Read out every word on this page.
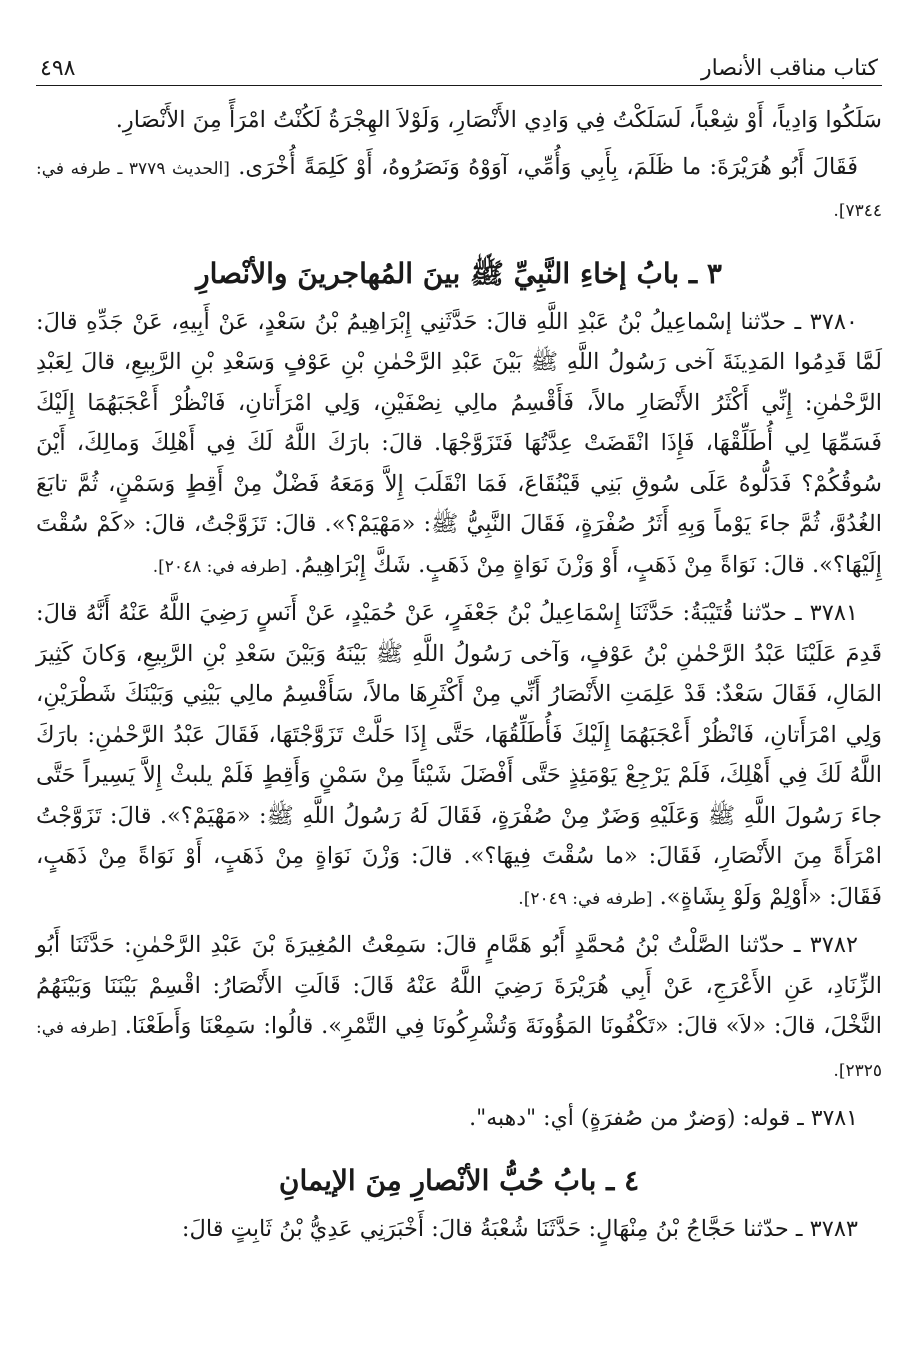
كتاب مناقب الأنصار
٤٩٨

سَلَكُوا وَادِياً، أَوْ شِعْباً، لَسَلَكْتُ فِي وَادِي الأَنْصَارِ، وَلَوْلاَ الهِجْرَةُ لَكُنْتُ امْرَأً مِنَ الأَنْصَارِ.

فَقَالَ أَبُو هُرَيْرَةَ: ما ظَلَمَ، بِأَبِي وَأُمِّي، آوَوْهُ وَنَصَرُوهُ، أَوْ كَلِمَةً أُخْرَى. [الحديث ٣٧٧٩ ـ طرفه في: ٧٣٤٤].

٣ ـ بابُ إخاءِ النَّبِيِّ ﷺ بينَ المُهاجرينَ والأنْصارِ

٣٧٨٠ ـ حدّثنا إسْماعِيلُ بْنُ عَبْدِ اللَّهِ قالَ: حَدَّثَنِي إِبْرَاهِيمُ بْنُ سَعْدٍ، عَنْ أَبِيهِ، عَنْ جَدِّهِ قالَ: لَمَّا قَدِمُوا المَدِينَةَ آخى رَسُولُ اللَّهِ ﷺ بَيْنَ عَبْدِ الرَّحْمٰنِ بْنِ عَوْفٍ وَسَعْدِ بْنِ الرَّبِيعِ، قالَ لِعَبْدِ الرَّحْمٰنِ: إِنِّي أَكْثَرُ الأَنْصَارِ مالاً، فَأَقْسِمُ مالِي نِصْفَيْنِ، وَلِي امْرَأَتانِ، فَانْظُرْ أَعْجَبَهُمَا إِلَيْكَ فَسَمِّهَا لِي أُطَلِّقْهَا، فَإِذَا انْقَضَتْ عِدَّتُهَا فَتَزَوَّجْهَا. قالَ: بارَكَ اللَّهُ لَكَ فِي أَهْلِكَ وَمالِكَ، أَيْنَ سُوقُكُمْ؟ فَدَلُّوهُ عَلَى سُوقِ بَنِي قَيْنُقَاعَ، فَمَا انْقَلَبَ إِلاَّ وَمَعَهُ فَضْلٌ مِنْ أَقِطٍ وَسَمْنٍ، ثُمَّ تابَعَ الغُدُوَّ، ثُمَّ جاءَ يَوْماً وَبِهِ أَثَرُ صُفْرَةٍ، فَقَالَ النَّبِيُّ ﷺ: «مَهْيَمْ؟». قالَ: تَزَوَّجْتُ، قالَ: «كَمْ سُقْتَ إِلَيْهَا؟». قالَ: نَوَاةً مِنْ ذَهَبٍ، أَوْ وَزْنَ نَوَاةٍ مِنْ ذَهَبٍ. شَكَّ إِبْرَاهِيمُ. [طرفه في: ٢٠٤٨].

٣٧٨١ ـ حدّثنا قُتَيْبَةُ: حَدَّثَنَا إِسْمَاعِيلُ بْنُ جَعْفَرٍ، عَنْ حُمَيْدٍ، عَنْ أَنَسٍ رَضِيَ اللَّهُ عَنْهُ أَنَّهُ قالَ: قَدِمَ عَلَيْنَا عَبْدُ الرَّحْمٰنِ بْنُ عَوْفٍ، وَآخى رَسُولُ اللَّهِ ﷺ بَيْنَهُ وَبَيْنَ سَعْدِ بْنِ الرَّبِيعِ، وَكانَ كَثِيرَ المَالِ، فَقَالَ سَعْدٌ: قَدْ عَلِمَتِ الأَنْصَارُ أَنِّي مِنْ أَكْثَرِهَا مالاً، سَأَقْسِمُ مالِي بَيْنِي وَبَيْنَكَ شَطْرَيْنِ، وَلِي امْرَأَتانِ، فَانْظُرْ أَعْجَبَهُمَا إِلَيْكَ فَأُطَلِّقُهَا، حَتَّى إِذَا حَلَّتْ تَزَوَّجْتَهَا، فَقَالَ عَبْدُ الرَّحْمٰنِ: بارَكَ اللَّهُ لَكَ فِي أَهْلِكَ، فَلَمْ يَرْجِعْ يَوْمَئِذٍ حَتَّى أَفْضَلَ شَيْئاً مِنْ سَمْنٍ وَأَقِطٍ فَلَمْ يلبثْ إِلاَّ يَسِيراً حَتَّى جاءَ رَسُولَ اللَّهِ ﷺ وَعَلَيْهِ وَضَرٌ مِنْ صُفْرَةٍ، فَقَالَ لَهُ رَسُولُ اللَّهِ ﷺ: «مَهْيَمْ؟». قالَ: تَزَوَّجْتُ امْرَأَةً مِنَ الأَنْصَارِ، فَقَالَ: «ما سُقْتَ فِيهَا؟». قالَ: وَزْنَ نَوَاةٍ مِنْ ذَهَبٍ، أَوْ نَوَاةً مِنْ ذَهَبٍ، فَقَالَ: «أَوْلِمْ وَلَوْ بِشَاةٍ». [طرفه في: ٢٠٤٩].

٣٧٨٢ ـ حدّثنا الصَّلْتُ بْنُ مُحمَّدٍ أَبُو هَمَّامٍ قالَ: سَمِعْتُ المُغِيرَةَ بْنَ عَبْدِ الرَّحْمٰنِ: حَدَّثَنَا أَبُو الزِّنَادِ، عَنِ الأَعْرَجِ، عَنْ أَبِي هُرَيْرَةَ رَضِيَ اللَّهُ عَنْهُ قَالَ: قَالَتِ الأَنْصَارُ: اقْسِمْ بَيْنَنَا وَبَيْنَهُمُ النَّخْلَ، قالَ: «لاَ» قالَ: «تَكْفُونَا المَؤُونَةَ وَتُشْرِكُونَا فِي التَّمْرِ». قالُوا: سَمِعْنَا وَأَطَعْنَا. [طرفه في: ٢٣٢٥].

٣٧٨١ ـ قوله: (وَضرٌ من صُفرَةٍ) أي: "دهبه".

٤ ـ بابُ حُبُّ الأنْصارِ مِنَ الإيمانِ

٣٧٨٣ ـ حدّثنا حَجَّاجُ بْنُ مِنْهَالٍ: حَدَّثَنَا شُعْبَةُ قالَ: أَخْبَرَنِي عَدِيُّ بْنُ ثَابِتٍ قالَ:
